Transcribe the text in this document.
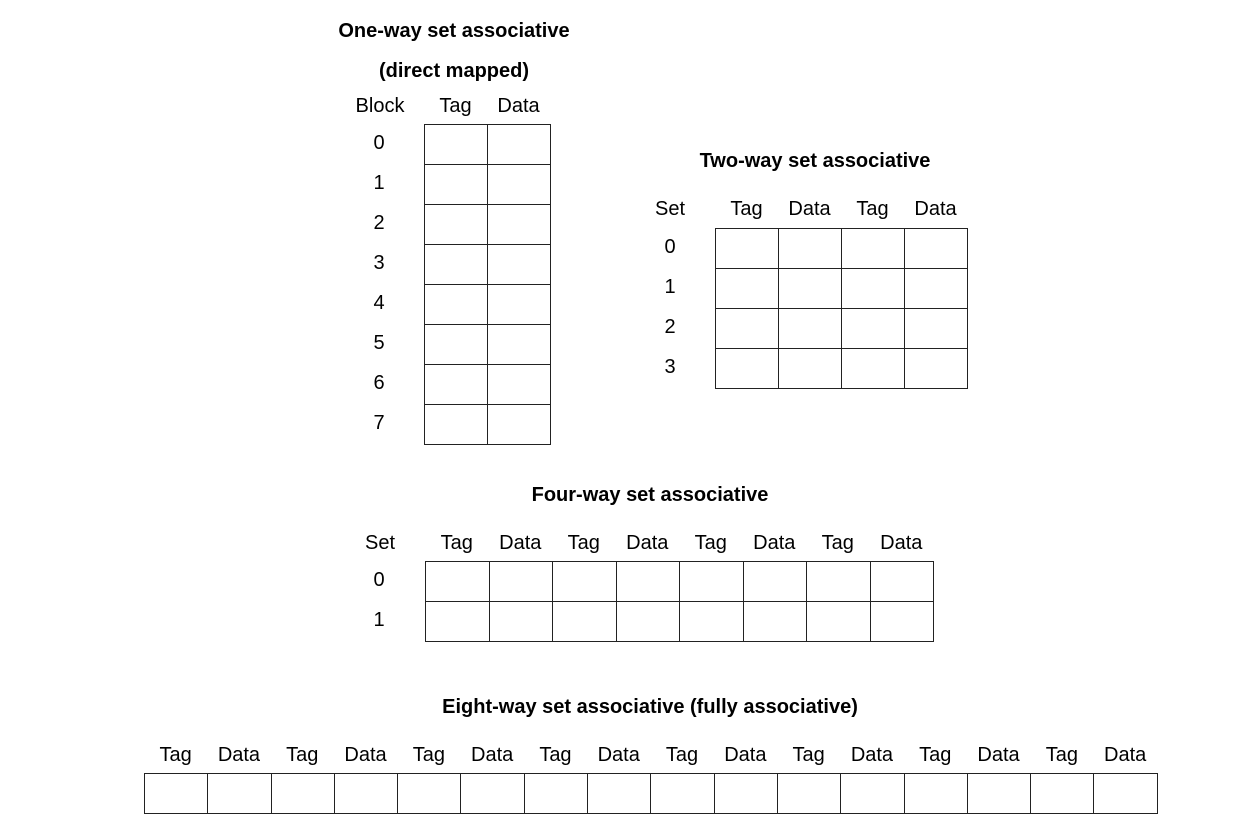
One-way set associative
(direct mapped)
Block	Tag	Data
0
1
2
3
4
5
6
7

Two-way set associative
Set	Tag	Data	Tag	Data
0
1
2
3

Four-way set associative
Set	Tag	Data	Tag	Data	Tag	Data	Tag	Data
0
1

Eight-way set associative (fully associative)
Tag	Data	Tag	Data	Tag	Data	Tag	Data	Tag	Data	Tag	Data	Tag	Data	Tag	Data
